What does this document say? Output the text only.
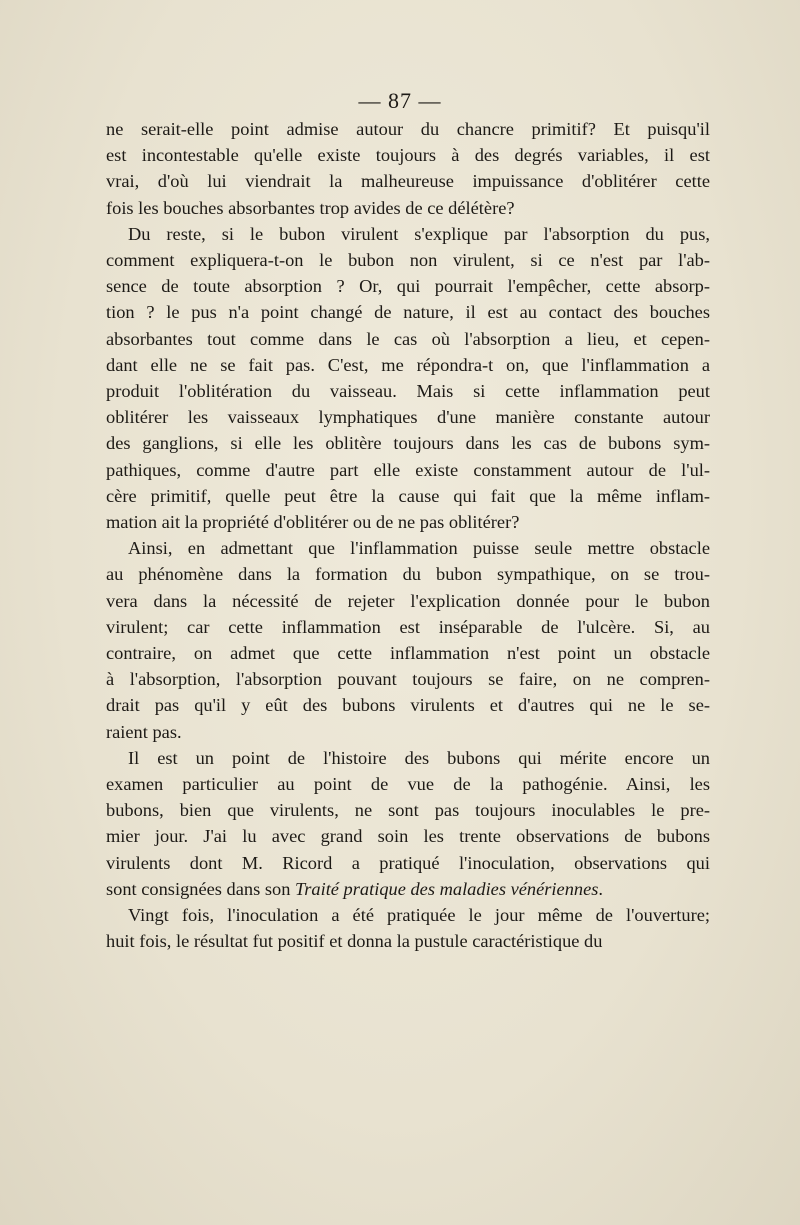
— 87 —

ne serait-elle point admise autour du chancre primitif? Et puisqu'il
est incontestable qu'elle existe toujours à des degrés variables, il est
vrai, d'où lui viendrait la malheureuse impuissance d'oblitérer cette
fois les bouches absorbantes trop avides de ce délétère?

Du reste, si le bubon virulent s'explique par l'absorption du pus,
comment expliquera-t-on le bubon non virulent, si ce n'est par l'ab-
sence de toute absorption ? Or, qui pourrait l'empêcher, cette absorp-
tion ? le pus n'a point changé de nature, il est au contact des bouches
absorbantes tout comme dans le cas où l'absorption a lieu, et cepen-
dant elle ne se fait pas. C'est, me répondra-t on, que l'inflammation a
produit l'oblitération du vaisseau. Mais si cette inflammation peut
oblitérer les vaisseaux lymphatiques d'une manière constante autour
des ganglions, si elle les oblitère toujours dans les cas de bubons sym-
pathiques, comme d'autre part elle existe constamment autour de l'ul-
cère primitif, quelle peut être la cause qui fait que la même inflam-
mation ait la propriété d'oblitérer ou de ne pas oblitérer?

Ainsi, en admettant que l'inflammation puisse seule mettre obstacle
au phénomène dans la formation du bubon sympathique, on se trou-
vera dans la nécessité de rejeter l'explication donnée pour le bubon
virulent; car cette inflammation est inséparable de l'ulcère. Si, au
contraire, on admet que cette inflammation n'est point un obstacle
à l'absorption, l'absorption pouvant toujours se faire, on ne compren-
drait pas qu'il y eût des bubons virulents et d'autres qui ne le se-
raient pas.

Il est un point de l'histoire des bubons qui mérite encore un
examen particulier au point de vue de la pathogénie. Ainsi, les
bubons, bien que virulents, ne sont pas toujours inoculables le pre-
mier jour. J'ai lu avec grand soin les trente observations de bubons
virulents dont M. Ricord a pratiqué l'inoculation, observations qui
sont consignées dans son Traité pratique des maladies vénériennes.

Vingt fois, l'inoculation a été pratiquée le jour même de l'ouverture;
huit fois, le résultat fut positif et donna la pustule caractéristique du
